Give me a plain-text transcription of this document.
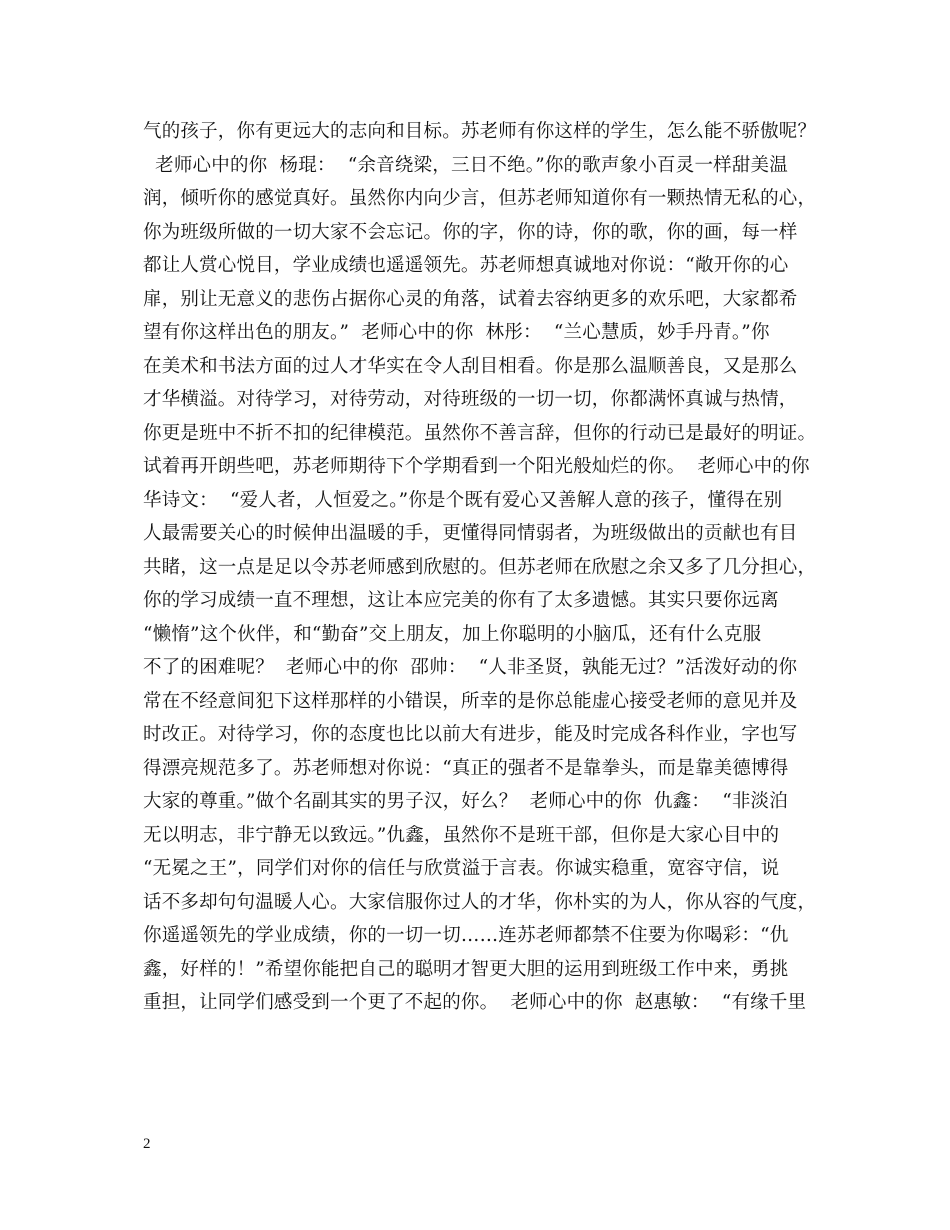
气的孩子，你有更远大的志向和目标。苏老师有你这样的学生，怎么能不骄傲呢？
老师心中的你  杨琨：  “余音绕梁，三日不绝。”你的歌声象小百灵一样甜美温
润，倾听你的感觉真好。虽然你内向少言，但苏老师知道你有一颗热情无私的心，
你为班级所做的一切大家不会忘记。你的字，你的诗，你的歌，你的画，每一样
都让人赏心悦目，学业成绩也遥遥领先。苏老师想真诚地对你说：“敞开你的心
扉，别让无意义的悲伤占据你心灵的角落，试着去容纳更多的欢乐吧，大家都希
望有你这样出色的朋友。”  老师心中的你  林彤：  “兰心慧质，妙手丹青。”你
在美术和书法方面的过人才华实在令人刮目相看。你是那么温顺善良，又是那么
才华横溢。对待学习，对待劳动，对待班级的一切一切，你都满怀真诚与热情，
你更是班中不折不扣的纪律模范。虽然你不善言辞，但你的行动已是最好的明证。
试着再开朗些吧，苏老师期待下个学期看到一个阳光般灿烂的你。  老师心中的你
华诗文：  “爱人者，人恒爱之。”你是个既有爱心又善解人意的孩子，懂得在别
人最需要关心的时候伸出温暖的手，更懂得同情弱者，为班级做出的贡献也有目
共睹，这一点是足以令苏老师感到欣慰的。但苏老师在欣慰之余又多了几分担心，
你的学习成绩一直不理想，这让本应完美的你有了太多遗憾。其实只要你远离
“懒惰”这个伙伴，和“勤奋”交上朋友，加上你聪明的小脑瓜，还有什么克服
不了的困难呢？  老师心中的你  邵帅：  “人非圣贤，孰能无过？”活泼好动的你
常在不经意间犯下这样那样的小错误，所幸的是你总能虚心接受老师的意见并及
时改正。对待学习，你的态度也比以前大有进步，能及时完成各科作业，字也写
得漂亮规范多了。苏老师想对你说：“真正的强者不是靠拳头，而是靠美德博得
大家的尊重。”做个名副其实的男子汉，好么？  老师心中的你  仇鑫：  “非淡泊
无以明志，非宁静无以致远。”仇鑫，虽然你不是班干部，但你是大家心目中的
“无冕之王”，同学们对你的信任与欣赏溢于言表。你诚实稳重，宽容守信，说
话不多却句句温暖人心。大家信服你过人的才华，你朴实的为人，你从容的气度，
你遥遥领先的学业成绩，你的一切一切……连苏老师都禁不住要为你喝彩：“仇
鑫，好样的！”希望你能把自己的聪明才智更大胆的运用到班级工作中来，勇挑
重担，让同学们感受到一个更了不起的你。  老师心中的你  赵惠敏：  “有缘千里
2
